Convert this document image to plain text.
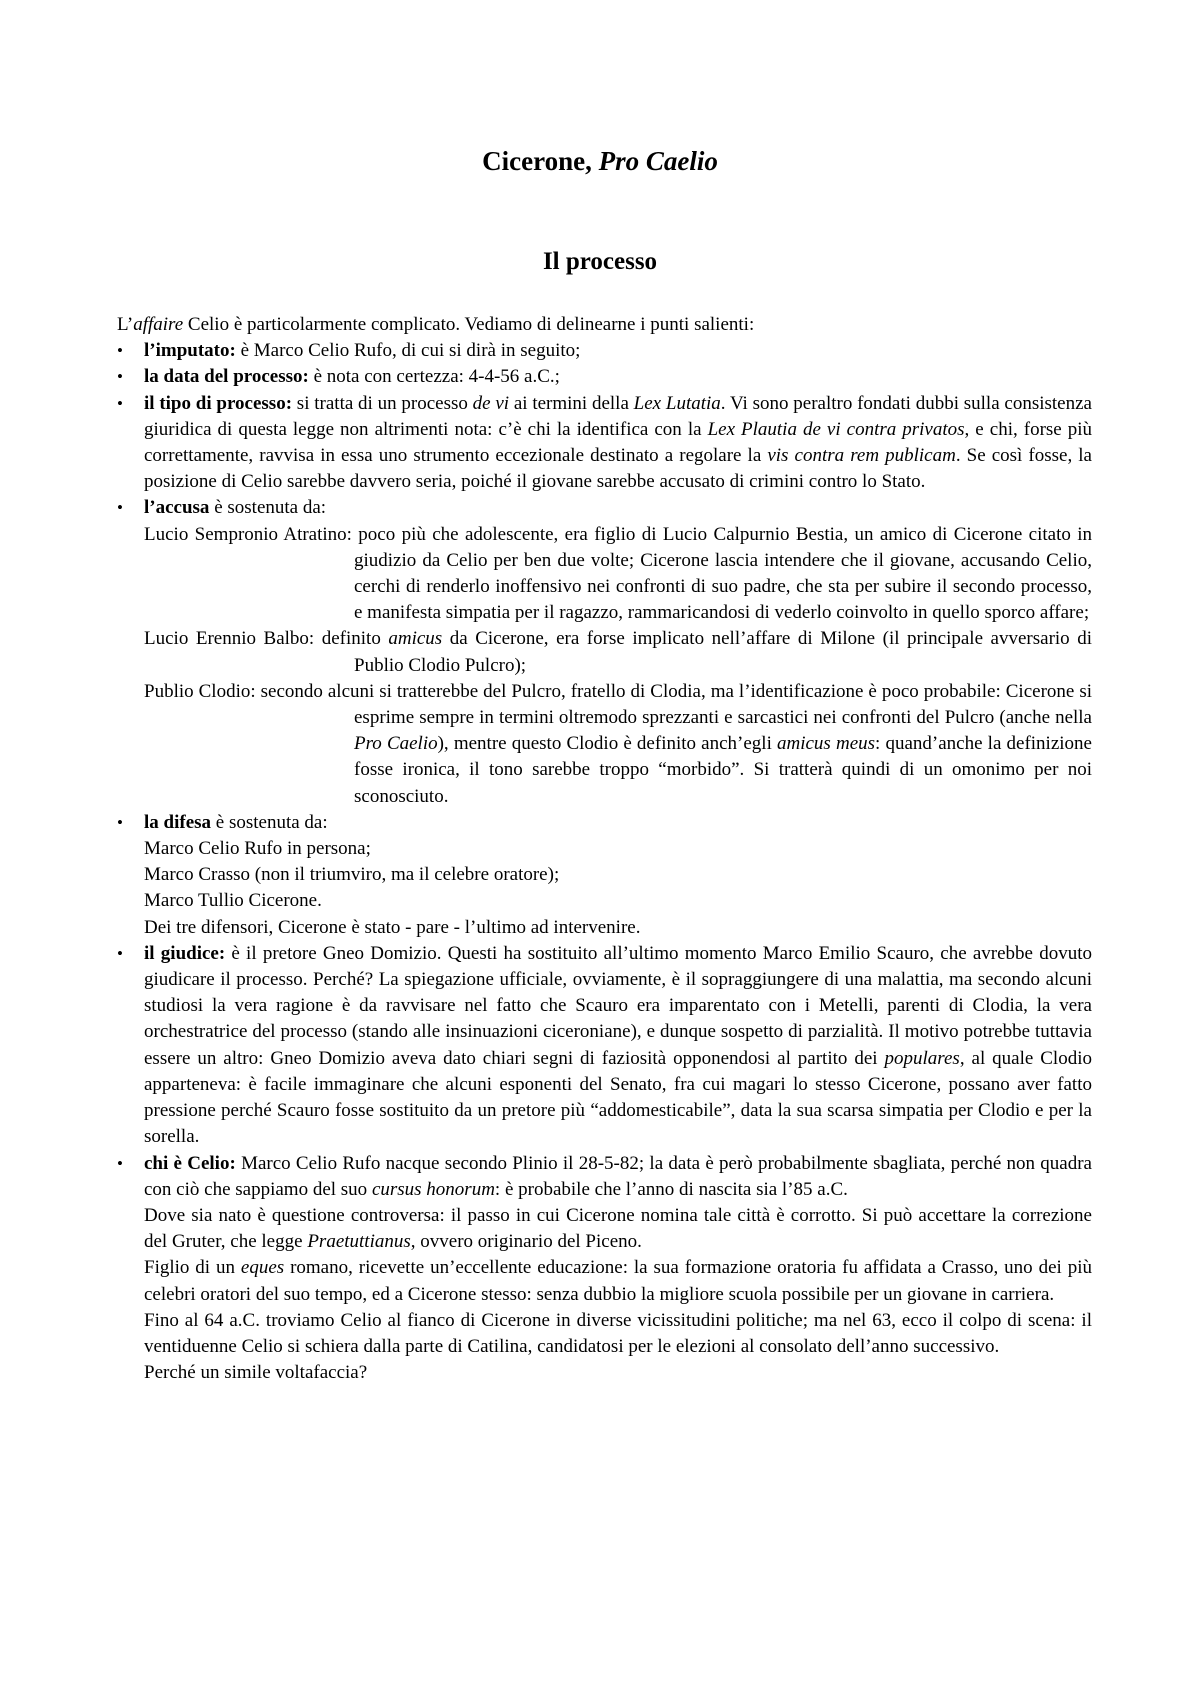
Cicerone, Pro Caelio
Il processo

L’affaire Celio è particolarmente complicato. Vediamo di delinearne i punti salienti:

•	l’imputato: è Marco Celio Rufo, di cui si dirà in seguito;
•	la data del processo: è nota con certezza: 4-4-56 a.C.;
•	il tipo di processo: si tratta di un processo de vi ai termini della Lex Lutatia. Vi sono peraltro fondati dubbi sulla consistenza giuridica di questa legge non altrimenti nota: c’è chi la identifica con la Lex Plautia de vi contra privatos, e chi, forse più correttamente, ravvisa in essa uno strumento eccezionale destinato a regolare la vis contra rem publicam. Se così fosse, la posizione di Celio sarebbe davvero seria, poiché il giovane sarebbe accusato di crimini contro lo Stato.
•	l’accusa è sostenuta da:

Lucio Sempronio Atratino: poco più che adolescente, era figlio di Lucio Calpurnio Bestia, un amico di Cicerone citato in giudizio da Celio per ben due volte; Cicerone lascia intendere che il giovane, accusando Celio, cerchi di renderlo inoffensivo nei confronti di suo padre, che sta per subire il secondo processo, e manifesta simpatia per il ragazzo, rammaricandosi di vederlo coinvolto in quello sporco affare;

Lucio Erennio Balbo: definito amicus da Cicerone, era forse implicato nell’affare di Milone (il principale avversario di Publio Clodio Pulcro);

Publio Clodio: secondo alcuni si tratterebbe del Pulcro, fratello di Clodia, ma l’identificazione è poco probabile: Cicerone si esprime sempre in termini oltremodo sprezzanti e sarcastici nei confronti del Pulcro (anche nella Pro Caelio), mentre questo Clodio è definito anch’egli amicus meus: quand’anche la definizione fosse ironica, il tono sarebbe troppo “morbido”. Si tratterà quindi di un omonimo per noi sconosciuto.

•	la difesa è sostenuta da:
Marco Celio Rufo in persona;
Marco Crasso (non il triumviro, ma il celebre oratore);
Marco Tullio Cicerone.
Dei tre difensori, Cicerone è stato - pare - l’ultimo ad intervenire.
•	il giudice: è il pretore Gneo Domizio. Questi ha sostituito all’ultimo momento Marco Emilio Scauro, che avrebbe dovuto giudicare il processo. Perché? La spiegazione ufficiale, ovviamente, è il sopraggiungere di una malattia, ma secondo alcuni studiosi la vera ragione è da ravvisare nel fatto che Scauro era imparentato con i Metelli, parenti di Clodia, la vera orchestratrice del processo (stando alle insinuazioni ciceroniane), e dunque sospetto di parzialità. Il motivo potrebbe tuttavia essere un altro: Gneo Domizio aveva dato chiari segni di faziosità opponendosi al partito dei populares, al quale Clodio apparteneva: è facile immaginare che alcuni esponenti del Senato, fra cui magari lo stesso Cicerone, possano aver fatto pressione perché Scauro fosse sostituito da un pretore più “addomesticabile”, data la sua scarsa simpatia per Clodio e per la sorella.
•	chi è Celio: Marco Celio Rufo nacque secondo Plinio il 28-5-82; la data è però probabilmente sbagliata, perché non quadra con ciò che sappiamo del suo cursus honorum: è probabile che l’anno di nascita sia l’85 a.C.

Dove sia nato è questione controversa: il passo in cui Cicerone nomina tale città è corrotto. Si può accettare la correzione del Gruter, che legge Praetuttianus, ovvero originario del Piceno.

Figlio di un eques romano, ricevette un’eccellente educazione: la sua formazione oratoria fu affidata a Crasso, uno dei più celebri oratori del suo tempo, ed a Cicerone stesso: senza dubbio la migliore scuola possibile per un giovane in carriera.

Fino al 64 a.C. troviamo Celio al fianco di Cicerone in diverse vicissitudini politiche; ma nel 63, ecco il colpo di scena: il ventiduenne Celio si schiera dalla parte di Catilina, candidatosi per le elezioni al consolato dell’anno successivo.

Perché un simile voltafaccia?
